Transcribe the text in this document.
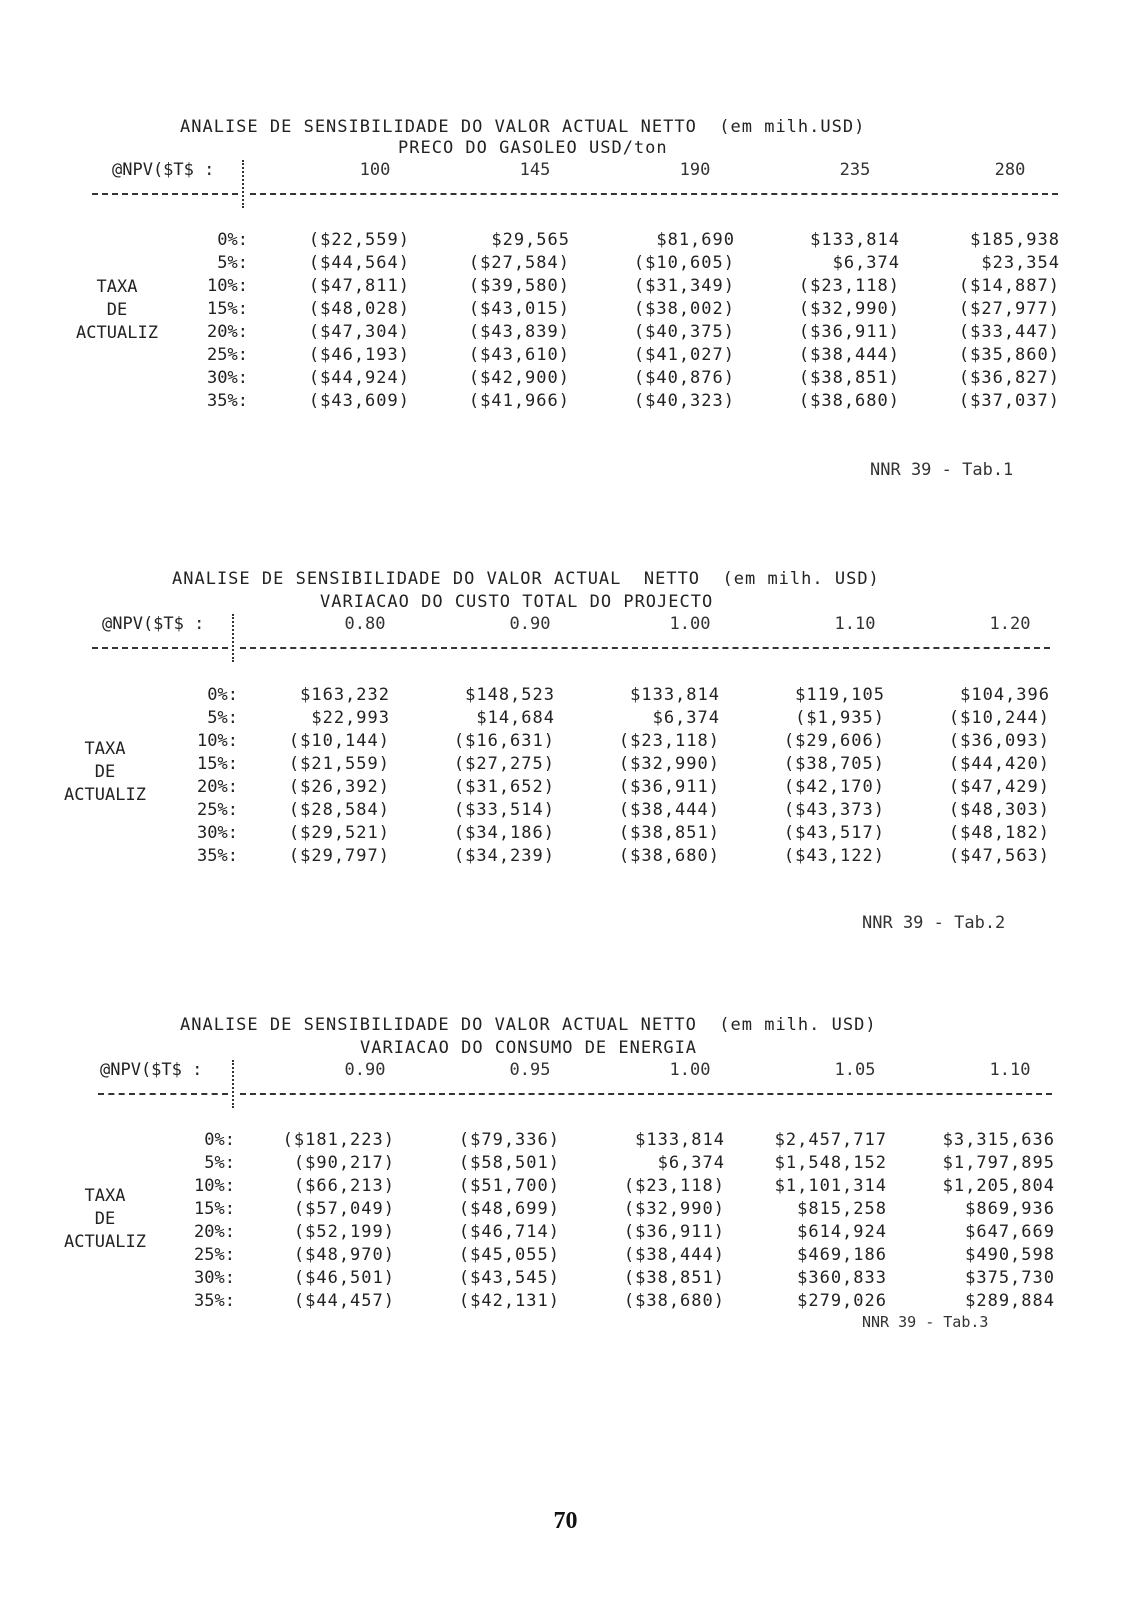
ANALISE DE SENSIBILIDADE DO VALOR ACTUAL NETTO  (em milh.USD)
PRECO DO GASOLEO USD/ton
@NPV($T$ :	100	145	190	235	280
TAXA
DE
ACTUALIZ
0%:	($22,559)	$29,565	$81,690	$133,814	$185,938
5%:	($44,564)	($27,584)	($10,605)	$6,374	$23,354
10%:	($47,811)	($39,580)	($31,349)	($23,118)	($14,887)
15%:	($48,028)	($43,015)	($38,002)	($32,990)	($27,977)
20%:	($47,304)	($43,839)	($40,375)	($36,911)	($33,447)
25%:	($46,193)	($43,610)	($41,027)	($38,444)	($35,860)
30%:	($44,924)	($42,900)	($40,876)	($38,851)	($36,827)
35%:	($43,609)	($41,966)	($40,323)	($38,680)	($37,037)
NNR 39 - Tab.1
ANALISE DE SENSIBILIDADE DO VALOR ACTUAL  NETTO  (em milh. USD)
VARIACAO DO CUSTO TOTAL DO PROJECTO
@NPV($T$ :	0.80	0.90	1.00	1.10	1.20
TAXA
DE
ACTUALIZ
0%:	$163,232	$148,523	$133,814	$119,105	$104,396
5%:	$22,993	$14,684	$6,374	($1,935)	($10,244)
10%:	($10,144)	($16,631)	($23,118)	($29,606)	($36,093)
15%:	($21,559)	($27,275)	($32,990)	($38,705)	($44,420)
20%:	($26,392)	($31,652)	($36,911)	($42,170)	($47,429)
25%:	($28,584)	($33,514)	($38,444)	($43,373)	($48,303)
30%:	($29,521)	($34,186)	($38,851)	($43,517)	($48,182)
35%:	($29,797)	($34,239)	($38,680)	($43,122)	($47,563)
NNR 39 - Tab.2
ANALISE DE SENSIBILIDADE DO VALOR ACTUAL NETTO  (em milh. USD)
VARIACAO DO CONSUMO DE ENERGIA
@NPV($T$ :	0.90	0.95	1.00	1.05	1.10
TAXA
DE
ACTUALIZ
0%:	($181,223)	($79,336)	$133,814	$2,457,717	$3,315,636
5%:	($90,217)	($58,501)	$6,374	$1,548,152	$1,797,895
10%:	($66,213)	($51,700)	($23,118)	$1,101,314	$1,205,804
15%:	($57,049)	($48,699)	($32,990)	$815,258	$869,936
20%:	($52,199)	($46,714)	($36,911)	$614,924	$647,669
25%:	($48,970)	($45,055)	($38,444)	$469,186	$490,598
30%:	($46,501)	($43,545)	($38,851)	$360,833	$375,730
35%:	($44,457)	($42,131)	($38,680)	$279,026	$289,884
NNR 39 - Tab.3
70
